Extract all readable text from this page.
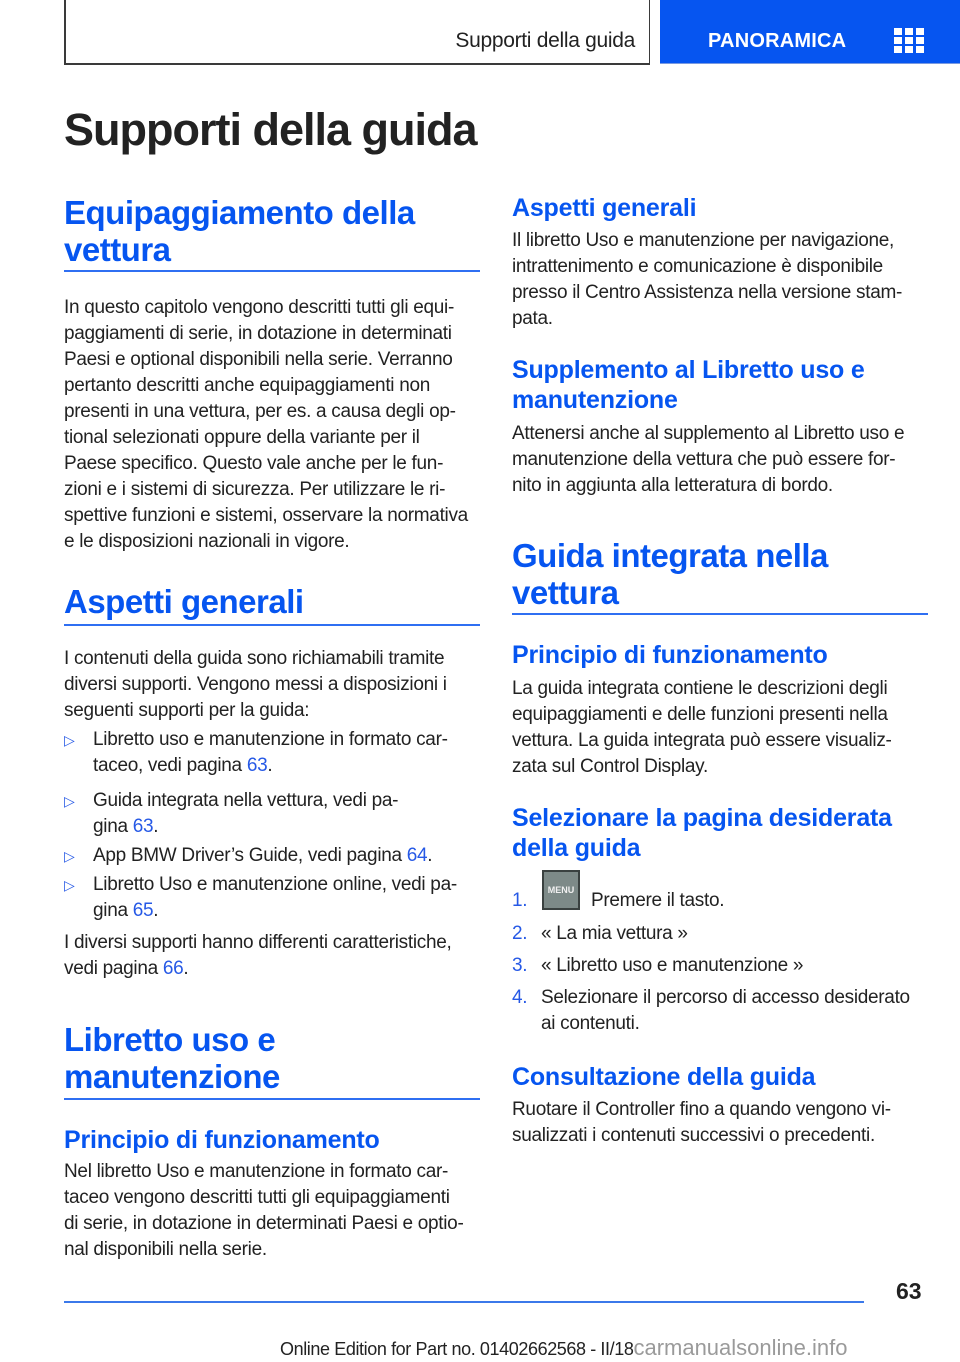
Supporti della guida	PANORAMICA
Supporti della guida
Equipaggiamento della
vettura
In questo capitolo vengono descritti tutti gli equi-
paggiamenti di serie, in dotazione in determinati
Paesi e optional disponibili nella serie. Verranno
pertanto descritti anche equipaggiamenti non
presenti in una vettura, per es. a causa degli op-
tional selezionati oppure della variante per il
Paese specifico. Questo vale anche per le fun-
zioni e i sistemi di sicurezza. Per utilizzare le ri-
spettive funzioni e sistemi, osservare la normativa
e le disposizioni nazionali in vigore.
Aspetti generali
I contenuti della guida sono richiamabili tramite
diversi supporti. Vengono messi a disposizioni i
seguenti supporti per la guida:
▷ Libretto uso e manutenzione in formato car-
taceo, vedi pagina 63.
▷ Guida integrata nella vettura, vedi pa-
gina 63.
▷ App BMW Driver’s Guide, vedi pagina 64.
▷ Libretto Uso e manutenzione online, vedi pa-
gina 65.
I diversi supporti hanno differenti caratteristiche,
vedi pagina 66.
Libretto uso e
manutenzione
Principio di funzionamento
Nel libretto Uso e manutenzione in formato car-
taceo vengono descritti tutti gli equipaggiamenti
di serie, in dotazione in determinati Paesi e optio-
nal disponibili nella serie.
Aspetti generali
Il libretto Uso e manutenzione per navigazione,
intrattenimento e comunicazione è disponibile
presso il Centro Assistenza nella versione stam-
pata.
Supplemento al Libretto uso e
manutenzione
Attenersi anche al supplemento al Libretto uso e
manutenzione della vettura che può essere for-
nito in aggiunta alla letteratura di bordo.
Guida integrata nella
vettura
Principio di funzionamento
La guida integrata contiene le descrizioni degli
equipaggiamenti e delle funzioni presenti nella
vettura. La guida integrata può essere visualiz-
zata sul Control Display.
Selezionare la pagina desiderata
della guida
1.	Premere il tasto.
MENU
2. « La mia vettura »
3. « Libretto uso e manutenzione »
4. Selezionare il percorso di accesso desiderato
ai contenuti.
Consultazione della guida
Ruotare il Controller fino a quando vengono vi-
sualizzati i contenuti successivi o precedenti.
63
Online Edition for Part no. 01402662568 - II/18carmanualsonline.info
